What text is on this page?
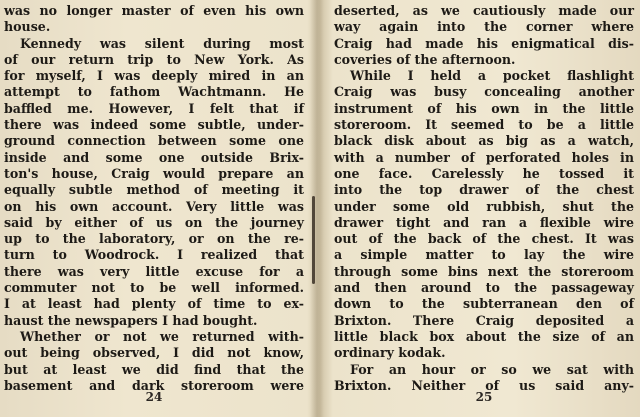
was no longer master of even his own
house.
Kennedy was silent during most
of our return trip to New York. As
for myself, I was deeply mired in an
attempt to fathom Wachtmann. He
baffled me. However, I felt that if
there was indeed some subtle, under-
ground connection between some one
inside and some one outside Brix-
ton's house, Craig would prepare an
equally subtle method of meeting it
on his own account. Very little was
said by either of us on the journey
up to the laboratory, or on the re-
turn to Woodrock. I realized that
there was very little excuse for a
commuter not to be well informed.
I at least had plenty of time to ex-
haust the newspapers I had bought.
Whether or not we returned with-
out being observed, I did not know,
but at least we did find that the
basement and dark storeroom were
24
deserted, as we cautiously made our
way again into the corner where
Craig had made his enigmatical dis-
coveries of the afternoon.
While I held a pocket flashlight
Craig was busy concealing another
instrument of his own in the little
storeroom. It seemed to be a little
black disk about as big as a watch,
with a number of perforated holes in
one face. Carelessly he tossed it
into the top drawer of the chest
under some old rubbish, shut the
drawer tight and ran a flexible wire
out of the back of the chest. It was
a simple matter to lay the wire
through some bins next the storeroom
and then around to the passageway
down to the subterranean den of
Brixton. There Craig deposited a
little black box about the size of an
ordinary kodak.
For an hour or so we sat with
Brixton. Neither of us said any-
25
